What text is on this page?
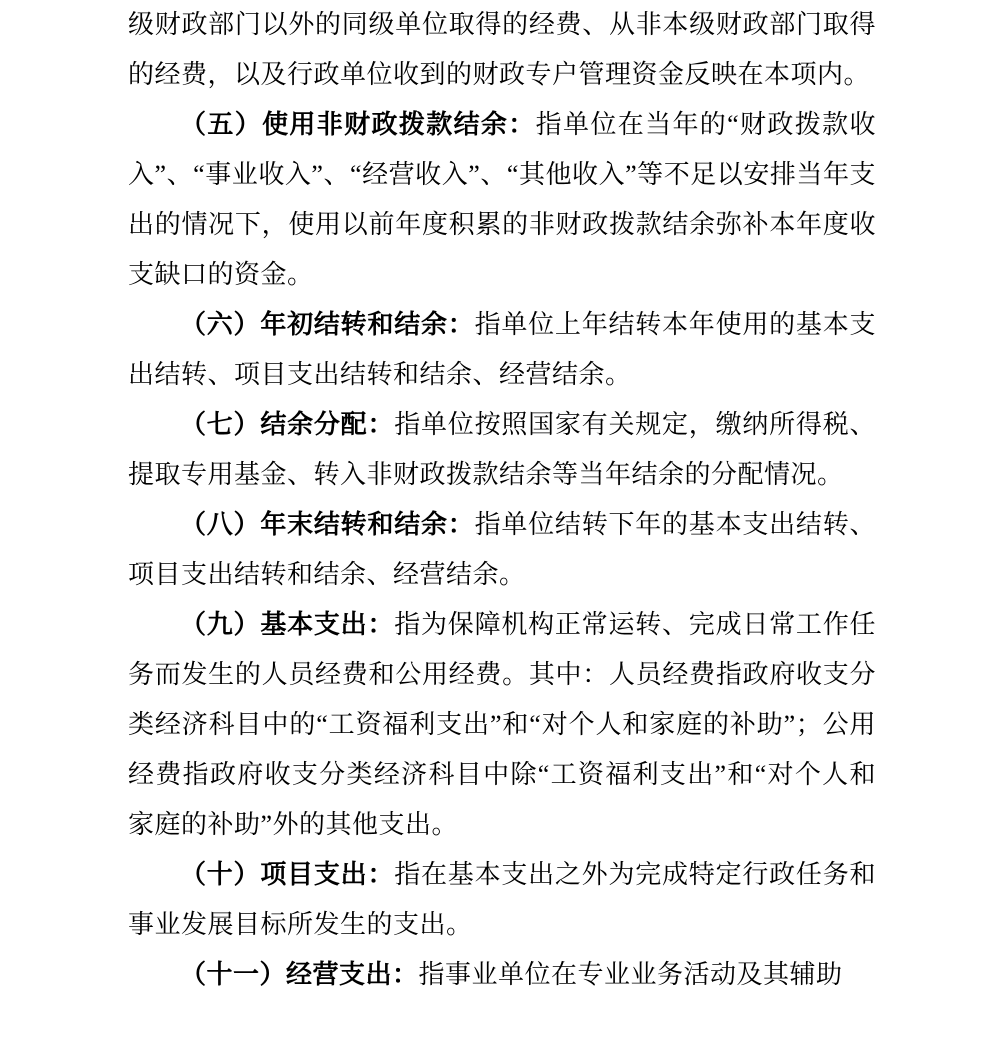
级财政部门以外的同级单位取得的经费、从非本级财政部门取得的经费，以及行政单位收到的财政专户管理资金反映在本项内。

（五）使用非财政拨款结余：指单位在当年的“财政拨款收入”、“事业收入”、“经营收入”、“其他收入”等不足以安排当年支出的情况下，使用以前年度积累的非财政拨款结余弥补本年度收支缺口的资金。

（六）年初结转和结余：指单位上年结转本年使用的基本支出结转、项目支出结转和结余、经营结余。

（七）结余分配：指单位按照国家有关规定，缴纳所得税、提取专用基金、转入非财政拨款结余等当年结余的分配情况。

（八）年末结转和结余：指单位结转下年的基本支出结转、项目支出结转和结余、经营结余。

（九）基本支出：指为保障机构正常运转、完成日常工作任务而发生的人员经费和公用经费。其中：人员经费指政府收支分类经济科目中的“工资福利支出”和“对个人和家庭的补助”；公用经费指政府收支分类经济科目中除“工资福利支出”和“对个人和家庭的补助”外的其他支出。

（十）项目支出：指在基本支出之外为完成特定行政任务和事业发展目标所发生的支出。

（十一）经营支出：指事业单位在专业业务活动及其辅助
